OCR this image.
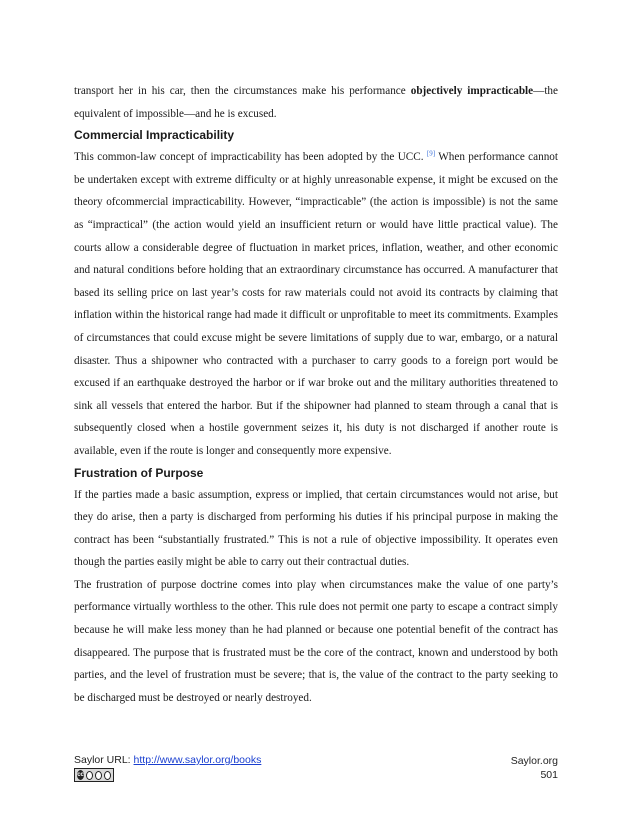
transport her in his car, then the circumstances make his performance objectively impracticable—the equivalent of impossible—and he is excused.

Commercial Impracticability

This common-law concept of impracticability has been adopted by the UCC. [9] When performance cannot be undertaken except with extreme difficulty or at highly unreasonable expense, it might be excused on the theory ofcommercial impracticability. However, “impracticable” (the action is impossible) is not the same as “impractical” (the action would yield an insufficient return or would have little practical value). The courts allow a considerable degree of fluctuation in market prices, inflation, weather, and other economic and natural conditions before holding that an extraordinary circumstance has occurred. A manufacturer that based its selling price on last year’s costs for raw materials could not avoid its contracts by claiming that inflation within the historical range had made it difficult or unprofitable to meet its commitments. Examples of circumstances that could excuse might be severe limitations of supply due to war, embargo, or a natural disaster. Thus a shipowner who contracted with a purchaser to carry goods to a foreign port would be excused if an earthquake destroyed the harbor or if war broke out and the military authorities threatened to sink all vessels that entered the harbor. But if the shipowner had planned to steam through a canal that is subsequently closed when a hostile government seizes it, his duty is not discharged if another route is available, even if the route is longer and consequently more expensive.

Frustration of Purpose

If the parties made a basic assumption, express or implied, that certain circumstances would not arise, but they do arise, then a party is discharged from performing his duties if his principal purpose in making the contract has been “substantially frustrated.” This is not a rule of objective impossibility. It operates even though the parties easily might be able to carry out their contractual duties.

The frustration of purpose doctrine comes into play when circumstances make the value of one party’s performance virtually worthless to the other. This rule does not permit one party to escape a contract simply because he will make less money than he had planned or because one potential benefit of the contract has disappeared. The purpose that is frustrated must be the core of the contract, known and understood by both parties, and the level of frustration must be severe; that is, the value of the contract to the party seeking to be discharged must be destroyed or nearly destroyed.

Saylor URL: http://www.saylor.org/books
cc
Saylor.org
501
